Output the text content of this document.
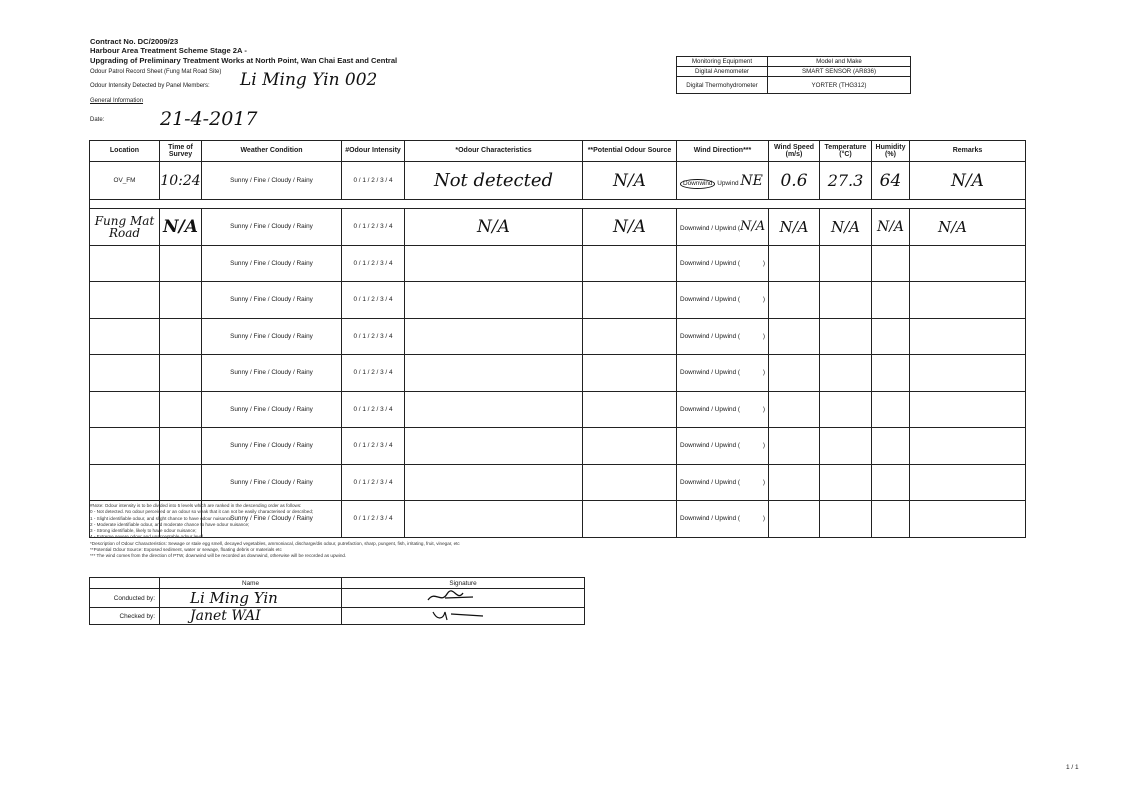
Contract No. DC/2009/23
Harbour Area Treatment Scheme Stage 2A -
Upgrading of Preliminary Treatment Works at North Point, Wan Chai East and Central
Odour Patrol Record Sheet (Fung Mat Road Site)
Odour Intensity Detected by Panel Members: Li Ming Yin 002
General Information
Date:	21-4-2017
Monitoring Equipment	Model and Make
Digital Anemometer	SMART SENSOR (AR836)
Digital Thermohydrometer	YORTER (THG312)
Location	Time of Survey	Weather Condition	#Odour Intensity	*Odour Characteristics	**Potential Odour Source	Wind Direction***	Wind Speed (m/s)	Temperature (°C)	Humidity (%)	Remarks
OV_FM	10:24	Sunny / Fine / Cloudy / Rainy	0 / 1 / 2 / 3 / 4	Not detected	N/A	Downwind Upwind NE	0.6	27.3	64	N/A

Fung Mat Road	N/A	Sunny / Fine / Cloudy / Rainy	0 / 1 / 2 / 3 / 4	N/A	N/A	Downwind / Upwind (N/A	N/A	N/A	N/A	N/A
		Sunny / Fine / Cloudy / Rainy	0 / 1 / 2 / 3 / 4			Downwind / Upwind ( )				

		Sunny / Fine / Cloudy / Rainy	0 / 1 / 2 / 3 / 4			Downwind / Upwind ( )				

		Sunny / Fine / Cloudy / Rainy	0 / 1 / 2 / 3 / 4			Downwind / Upwind ( )				

		Sunny / Fine / Cloudy / Rainy	0 / 1 / 2 / 3 / 4			Downwind / Upwind ( )				

		Sunny / Fine / Cloudy / Rainy	0 / 1 / 2 / 3 / 4			Downwind / Upwind ( )				

		Sunny / Fine / Cloudy / Rainy	0 / 1 / 2 / 3 / 4			Downwind / Upwind ( )				

		Sunny / Fine / Cloudy / Rainy	0 / 1 / 2 / 3 / 4			Downwind / Upwind ( )				

		Sunny / Fine / Cloudy / Rainy	0 / 1 / 2 / 3 / 4			Downwind / Upwind ( )				

#Note: Odour intensity is to be divided into 5 levels which are ranked in the descending order as follows:
0 - Not detected. No odour perceived or an odour so weak that it can not be easily characterised or described;
1 - Slight identifiable odour, and slight chance to have odour nuisance;
2 - Moderate identifiable odour, and moderate chance to have odour nuisance;
3 - Strong identifiable, likely to have odour nuisance;
4 - Extreme severe odour and unacceptable odour level.
*Description of Odour Characteristics: Sewage or stale egg smell, decayed vegetables, ammoniacal, discharge/dis odour, putrefaction, sharp, pungent, fish, irritating, fruit, vinegar, etc
**Potential Odour Source: Exposed sediment, water or sewage, floating debris or materials etc
*** The wind comes from the direction of PTW, downwind will be recorded as downwind, otherwise will be recorded as upwind.
	Name	Signature
Conducted by:	Li Ming Yin	
Checked by:	Janet WAI	
1 / 1
